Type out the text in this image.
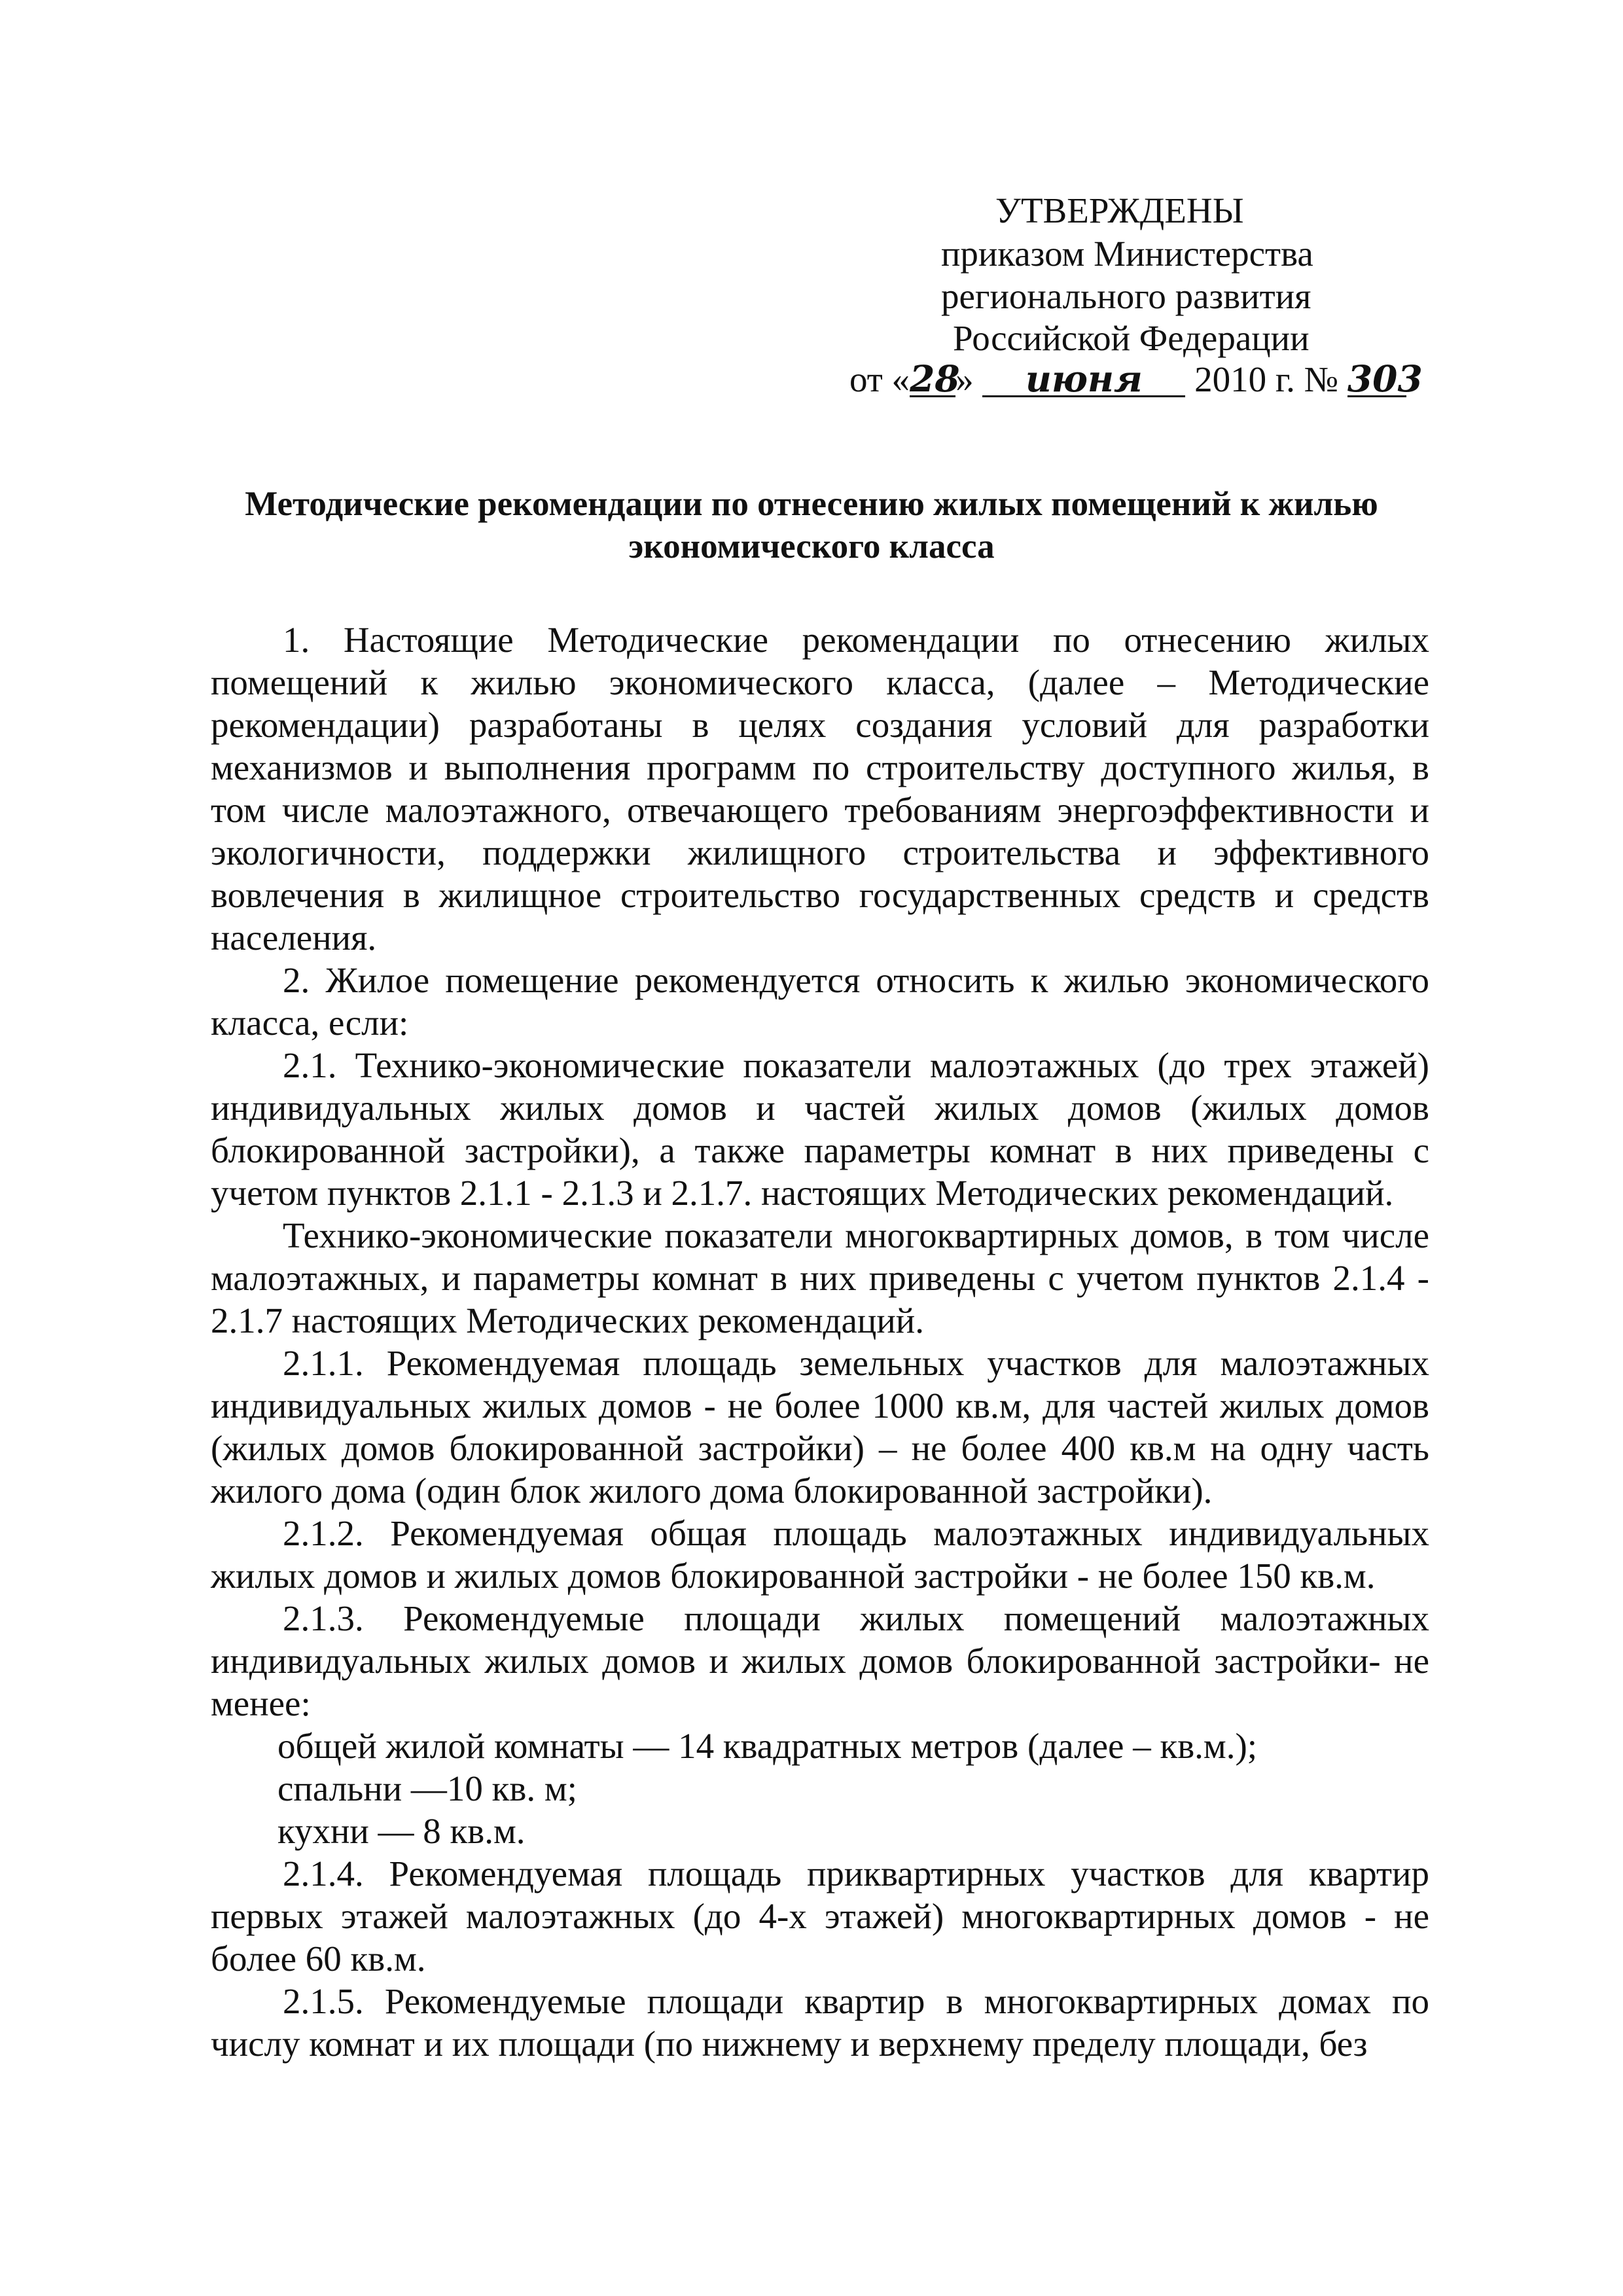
УТВЕРЖДЕНЫ
приказом Министерства
регионального развития
Российской Федерации
от «28» июня 2010 г. № 303
Методические рекомендации по отнесению жилых помещений к жилью экономического класса

1. Настоящие Методические рекомендации по отнесению жилых помещений к жилью экономического класса, (далее – Методические рекомендации) разработаны в целях создания условий для разработки механизмов и выполнения программ по строительству доступного жилья, в том числе малоэтажного, отвечающего требованиям энергоэффективности и экологичности, поддержки жилищного строительства и эффективного вовлечения в жилищное строительство государственных средств и средств населения.

2. Жилое помещение рекомендуется относить к жилью экономического класса, если:

2.1. Технико-экономические показатели малоэтажных (до трех этажей) индивидуальных жилых домов и частей жилых домов (жилых домов блокированной застройки), а также параметры комнат в них приведены с учетом пунктов 2.1.1 - 2.1.3 и 2.1.7. настоящих Методических рекомендаций.

Технико-экономические показатели многоквартирных домов, в том числе малоэтажных, и параметры комнат в них приведены с учетом пунктов 2.1.4 - 2.1.7 настоящих Методических рекомендаций.

2.1.1. Рекомендуемая площадь земельных участков для малоэтажных индивидуальных жилых домов - не более 1000 кв.м, для частей жилых домов (жилых домов блокированной застройки) – не более 400 кв.м на одну часть жилого дома (один блок жилого дома блокированной застройки).

2.1.2. Рекомендуемая общая площадь малоэтажных индивидуальных жилых домов и жилых домов блокированной застройки - не более 150 кв.м.

2.1.3. Рекомендуемые площади жилых помещений малоэтажных индивидуальных жилых домов и жилых домов блокированной застройки- не менее:

общей жилой комнаты — 14 квадратных метров (далее – кв.м.);

спальни —10 кв. м;

кухни — 8 кв.м.

2.1.4. Рекомендуемая площадь приквартирных участков для квартир первых этажей малоэтажных (до 4-х этажей) многоквартирных домов - не более 60 кв.м.

2.1.5. Рекомендуемые площади квартир в многоквартирных домах по числу комнат и их площади (по нижнему и верхнему пределу площади, без
